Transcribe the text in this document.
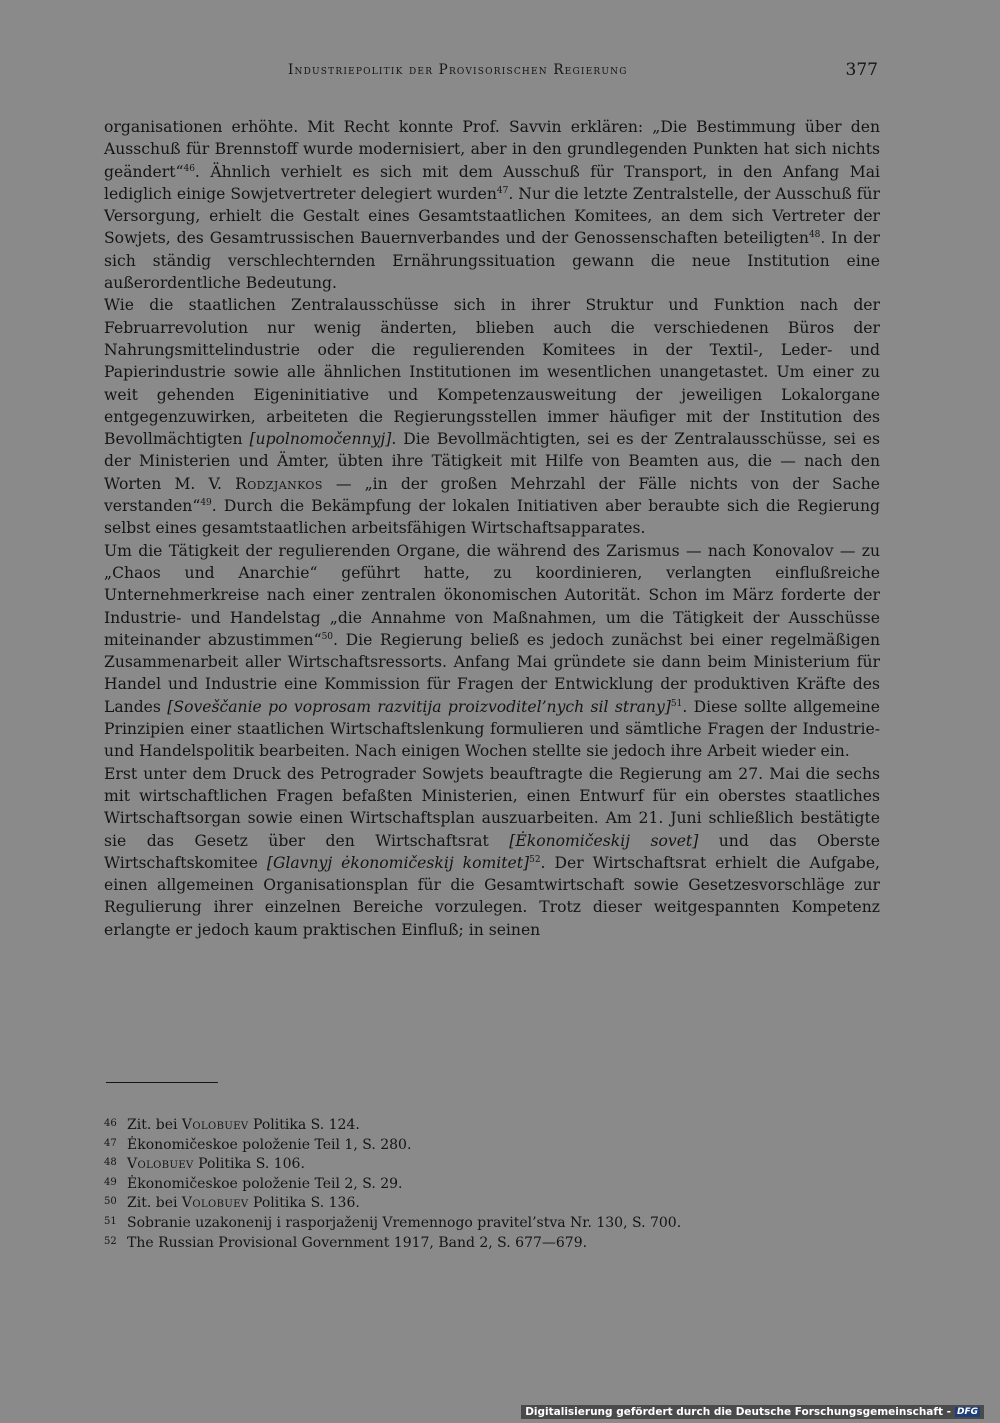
Industriepolitik der Provisorischen Regierung	377

organisationen erhöhte. Mit Recht konnte Prof. Savvin erklären: „Die Bestimmung über den Ausschuß für Brennstoff wurde modernisiert, aber in den grundlegenden Punkten hat sich nichts geändert“$^{46}$. Ähnlich verhielt es sich mit dem Ausschuß für Transport, in den Anfang Mai lediglich einige Sowjetvertreter delegiert wurden$^{47}$. Nur die letzte Zentralstelle, der Ausschuß für Versorgung, erhielt die Gestalt eines Gesamtstaatlichen Komitees, an dem sich Vertreter der Sowjets, des Gesamtrussischen Bauernverbandes und der Genossenschaften beteiligten$^{48}$. In der sich ständig verschlechternden Ernährungssituation gewann die neue Institution eine außerordentliche Bedeutung.

Wie die staatlichen Zentralausschüsse sich in ihrer Struktur und Funktion nach der Februarrevolution nur wenig änderten, blieben auch die verschiedenen Büros der Nahrungsmittelindustrie oder die regulierenden Komitees in der Textil-, Leder- und Papierindustrie sowie alle ähnlichen Institutionen im wesentlichen unangetastet. Um einer zu weit gehenden Eigeninitiative und Kompetenzausweitung der jeweiligen Lokalorgane entgegenzuwirken, arbeiteten die Regierungsstellen immer häufiger mit der Institution des Bevollmächtigten [upolnomočennyj]. Die Bevollmächtigten, sei es der Zentralausschüsse, sei es der Ministerien und Ämter, übten ihre Tätigkeit mit Hilfe von Beamten aus, die — nach den Worten M. V. Rodzjankos — „in der großen Mehrzahl der Fälle nichts von der Sache verstanden“$^{49}$. Durch die Bekämpfung der lokalen Initiativen aber beraubte sich die Regierung selbst eines gesamtstaatlichen arbeitsfähigen Wirtschaftsapparates.

Um die Tätigkeit der regulierenden Organe, die während des Zarismus — nach Konovalov — zu „Chaos und Anarchie“ geführt hatte, zu koordinieren, verlangten einflußreiche Unternehmerkreise nach einer zentralen ökonomischen Autorität. Schon im März forderte der Industrie- und Handelstag „die Annahme von Maßnahmen, um die Tätigkeit der Ausschüsse miteinander abzustimmen“$^{50}$. Die Regierung beließ es jedoch zunächst bei einer regelmäßigen Zusammenarbeit aller Wirtschaftsressorts. Anfang Mai gründete sie dann beim Ministerium für Handel und Industrie eine Kommission für Fragen der Entwicklung der produktiven Kräfte des Landes [Soveščanie po voprosam razvitija proizvoditel’nych sil strany]$^{51}$. Diese sollte allgemeine Prinzipien einer staatlichen Wirtschaftslenkung formulieren und sämtliche Fragen der Industrie- und Handelspolitik bearbeiten. Nach einigen Wochen stellte sie jedoch ihre Arbeit wieder ein.

Erst unter dem Druck des Petrograder Sowjets beauftragte die Regierung am 27. Mai die sechs mit wirtschaftlichen Fragen befaßten Ministerien, einen Entwurf für ein oberstes staatliches Wirtschaftsorgan sowie einen Wirtschaftsplan auszuarbeiten. Am 21. Juni schließlich bestätigte sie das Gesetz über den Wirtschaftsrat [Ėkonomičeskij sovet] und das Oberste Wirtschaftskomitee [Glavnyj ėkonomičeskij komitet]$^{52}$. Der Wirtschaftsrat erhielt die Aufgabe, einen allgemeinen Organisationsplan für die Gesamtwirtschaft sowie Gesetzesvorschläge zur Regulierung ihrer einzelnen Bereiche vorzulegen. Trotz dieser weitgespannten Kompetenz erlangte er jedoch kaum praktischen Einfluß; in seinen

46 Zit. bei Volobuev Politika S. 124.
47 Ėkonomičeskoe položenie Teil 1, S. 280.
48 Volobuev Politika S. 106.
49 Ėkonomičeskoe položenie Teil 2, S. 29.
50 Zit. bei Volobuev Politika S. 136.
51 Sobranie uzakonenij i rasporjaženij Vremennogo pravitel’stva Nr. 130, S. 700.
52 The Russian Provisional Government 1917, Band 2, S. 677—679.
Digitalisierung gefördert durch die Deutsche Forschungsgemeinschaft - DFG
